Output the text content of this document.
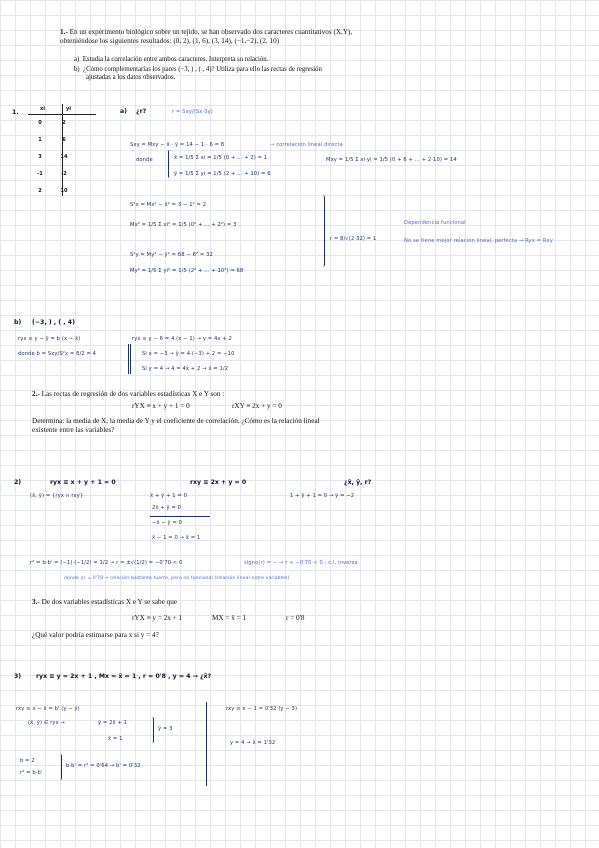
1.- En un experimento biológico sobre un tejido, se han observado dos caracteres cuantitativos (X,Y),
obteniéndose los siguientes resultados: (0, 2), (1, 6), (3, 14), (−1,−2), (2, 10)
a) Estudia la correlación entre ambos caracteres. Interpreta su relación.
b) ¿Cómo complementarías los pares (−3, ) , ( , 4)? Utiliza para ello las rectas de regresión
ajustadas a los datos observados.
1.	xi	yi
0	2
1	6
3	14
-1	-2
2	10
a) ¿r?	r = Sxy/(Sx·Sy)
Sxy = Mxy − x̄ · ȳ = 14 − 1 · 6 = 8	→ correlación lineal directa
donde	x̄ = 1/5 Σ xi = 1/5 (0 + ... + 2) = 1
ȳ = 1/5 Σ yi = 1/5 (2 + ... + 10) = 6
Mxy = 1/5 Σ xi·yi = 1/5 (0 + 6 + ... + 2·10) = 14
S²x = Mx² − x̄² = 3 − 1² = 2
Mx² = 1/5 Σ xi² = 1/5 (0² + ... + 2²) = 3
r = 8/√(2·32) = 1
Dependencia funcional
No se tiene mejor relación lineal, perfecta → Ryx = Rxy
S²y = My² − ȳ² = 68 − 6² = 32
My² = 1/5 Σ yi² = 1/5 (2² + ... + 10²) = 68
b) (−3, ) , ( , 4)
ryx ≡ y − ȳ = b (x − x̄)	ryx ≡ y − 6 = 4 (x − 1) → y = 4x + 2
donde b = Sxy/S²x = 8/2 = 4	Si x = −3 → ŷ = 4·(−3) + 2 = −10
Si y = 4 → 4 = 4x̂ + 2 → x̂ = 1/2
2.- Las rectas de regresión de dos variables estadísticas X e Y son :
rYX ≡ x + y + 1 = 0	rXY ≡ 2x + y = 0
Determina: la media de X, la media de Y y el coeficiente de correlación. ¿Cómo es la relación lineal
existente entre las variables?
2)	ryx ≡ x + y + 1 = 0	rxy ≡ 2x + y = 0	¿x̄, ȳ, r?
(x̄, ȳ) = {ryx ∩ rxy}	x̄ + ȳ + 1 = 0
2x̄ + ȳ = 0
−x̄ − ȳ = 0
x̄ − 1 = 0 → x̄ = 1
1 + ȳ + 1 = 0 → ȳ = −2
r² = b·b' = (−1)·(−1/2) = 1/2 → r = ±√(1/2) = −0'70 < 0	signo(r) = − → r ≈ −0'70 < 0 ; c.l. inversa
donde |r| = 0'70 → relación bastante fuerte, pero no funcional (relación lineal entre variables)
3.- De dos variables estadísticas X e Y se sabe que
rYX ≡ y = 2x + 1	MX = x̄ = 1	r = 0'8
¿Qué valor podría estimarse para x si y = 4?
3) ryx ≡ y = 2x + 1 , Mx = x̄ = 1 , r = 0'8 , y = 4 → ¿x̂?
rxy ≡ x − x̄ = b' (y − ȳ)
(x̄, ȳ) ∈ ryx →	ȳ = 2x̄ + 1
x̄ = 1
ȳ = 3
b = 2
r² = b·b'
b·b' = r² = 0'64 → b' = 0'32
rxy ≡ x − 1 = 0'32 (y − 3)
y = 4 → x̂ = 1'32
